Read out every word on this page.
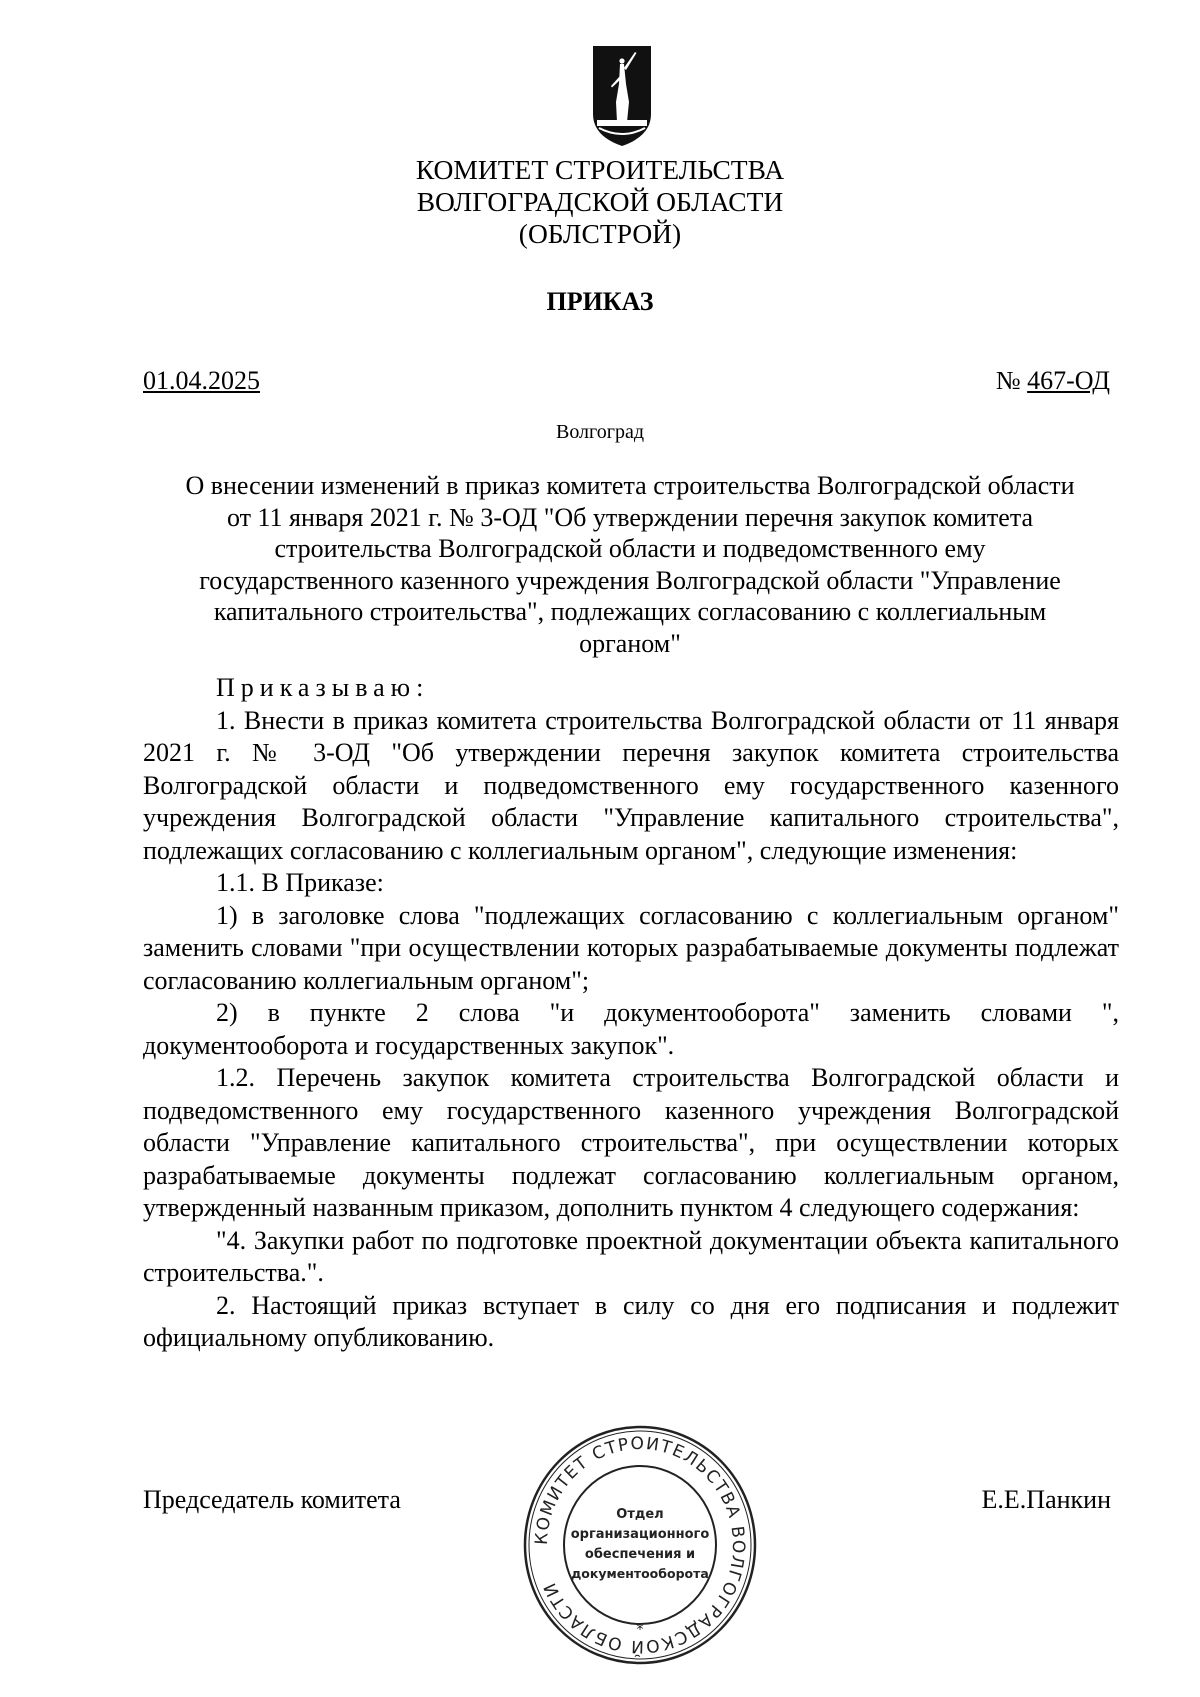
КОМИТЕТ СТРОИТЕЛЬСТВА
ВОЛГОГРАДСКОЙ ОБЛАСТИ
(ОБЛСТРОЙ)
ПРИКАЗ
01.04.2025	№ 467-ОД
Волгоград
О внесении изменений в приказ комитета строительства Волгоградской области
от 11 января 2021 г. № 3-ОД "Об утверждении перечня закупок комитета
строительства Волгоградской области и подведомственного ему
государственного казенного учреждения Волгоградской области "Управление
капитального строительства", подлежащих согласованию с коллегиальным
органом"

Приказываю:

1. Внести в приказ комитета строительства Волгоградской области от 11 января 2021 г. № 3-ОД "Об утверждении перечня закупок комитета строительства Волгоградской области и подведомственного ему государственного казенного учреждения Волгоградской области "Управление капитального строительства", подлежащих согласованию с коллегиальным органом", следующие изменения:

1.1. В Приказе:

1) в заголовке слова "подлежащих согласованию с коллегиальным органом" заменить словами "при осуществлении которых разрабатываемые документы подлежат согласованию коллегиальным органом";

2) в пункте 2 слова "и документооборота" заменить словами ", документооборота и государственных закупок".

1.2. Перечень закупок комитета строительства Волгоградской области и подведомственного ему государственного казенного учреждения Волгоградской области "Управление капитального строительства", при осуществлении которых разрабатываемые документы подлежат согласованию коллегиальным органом, утвержденный названным приказом, дополнить пунктом 4 следующего содержания:

"4. Закупки работ по подготовке проектной документации объекта капитального строительства.".

2. Настоящий приказ вступает в силу со дня его подписания и подлежит официальному опубликованию.

Председатель комитета	Е.Е.Панкин
КОМИТЕТ СТРОИТЕЛЬСТВА ВОЛГОГРАДСКОЙ ОБЛАСТИ
*
Отдел
организационного
обеспечения и
документооборота
